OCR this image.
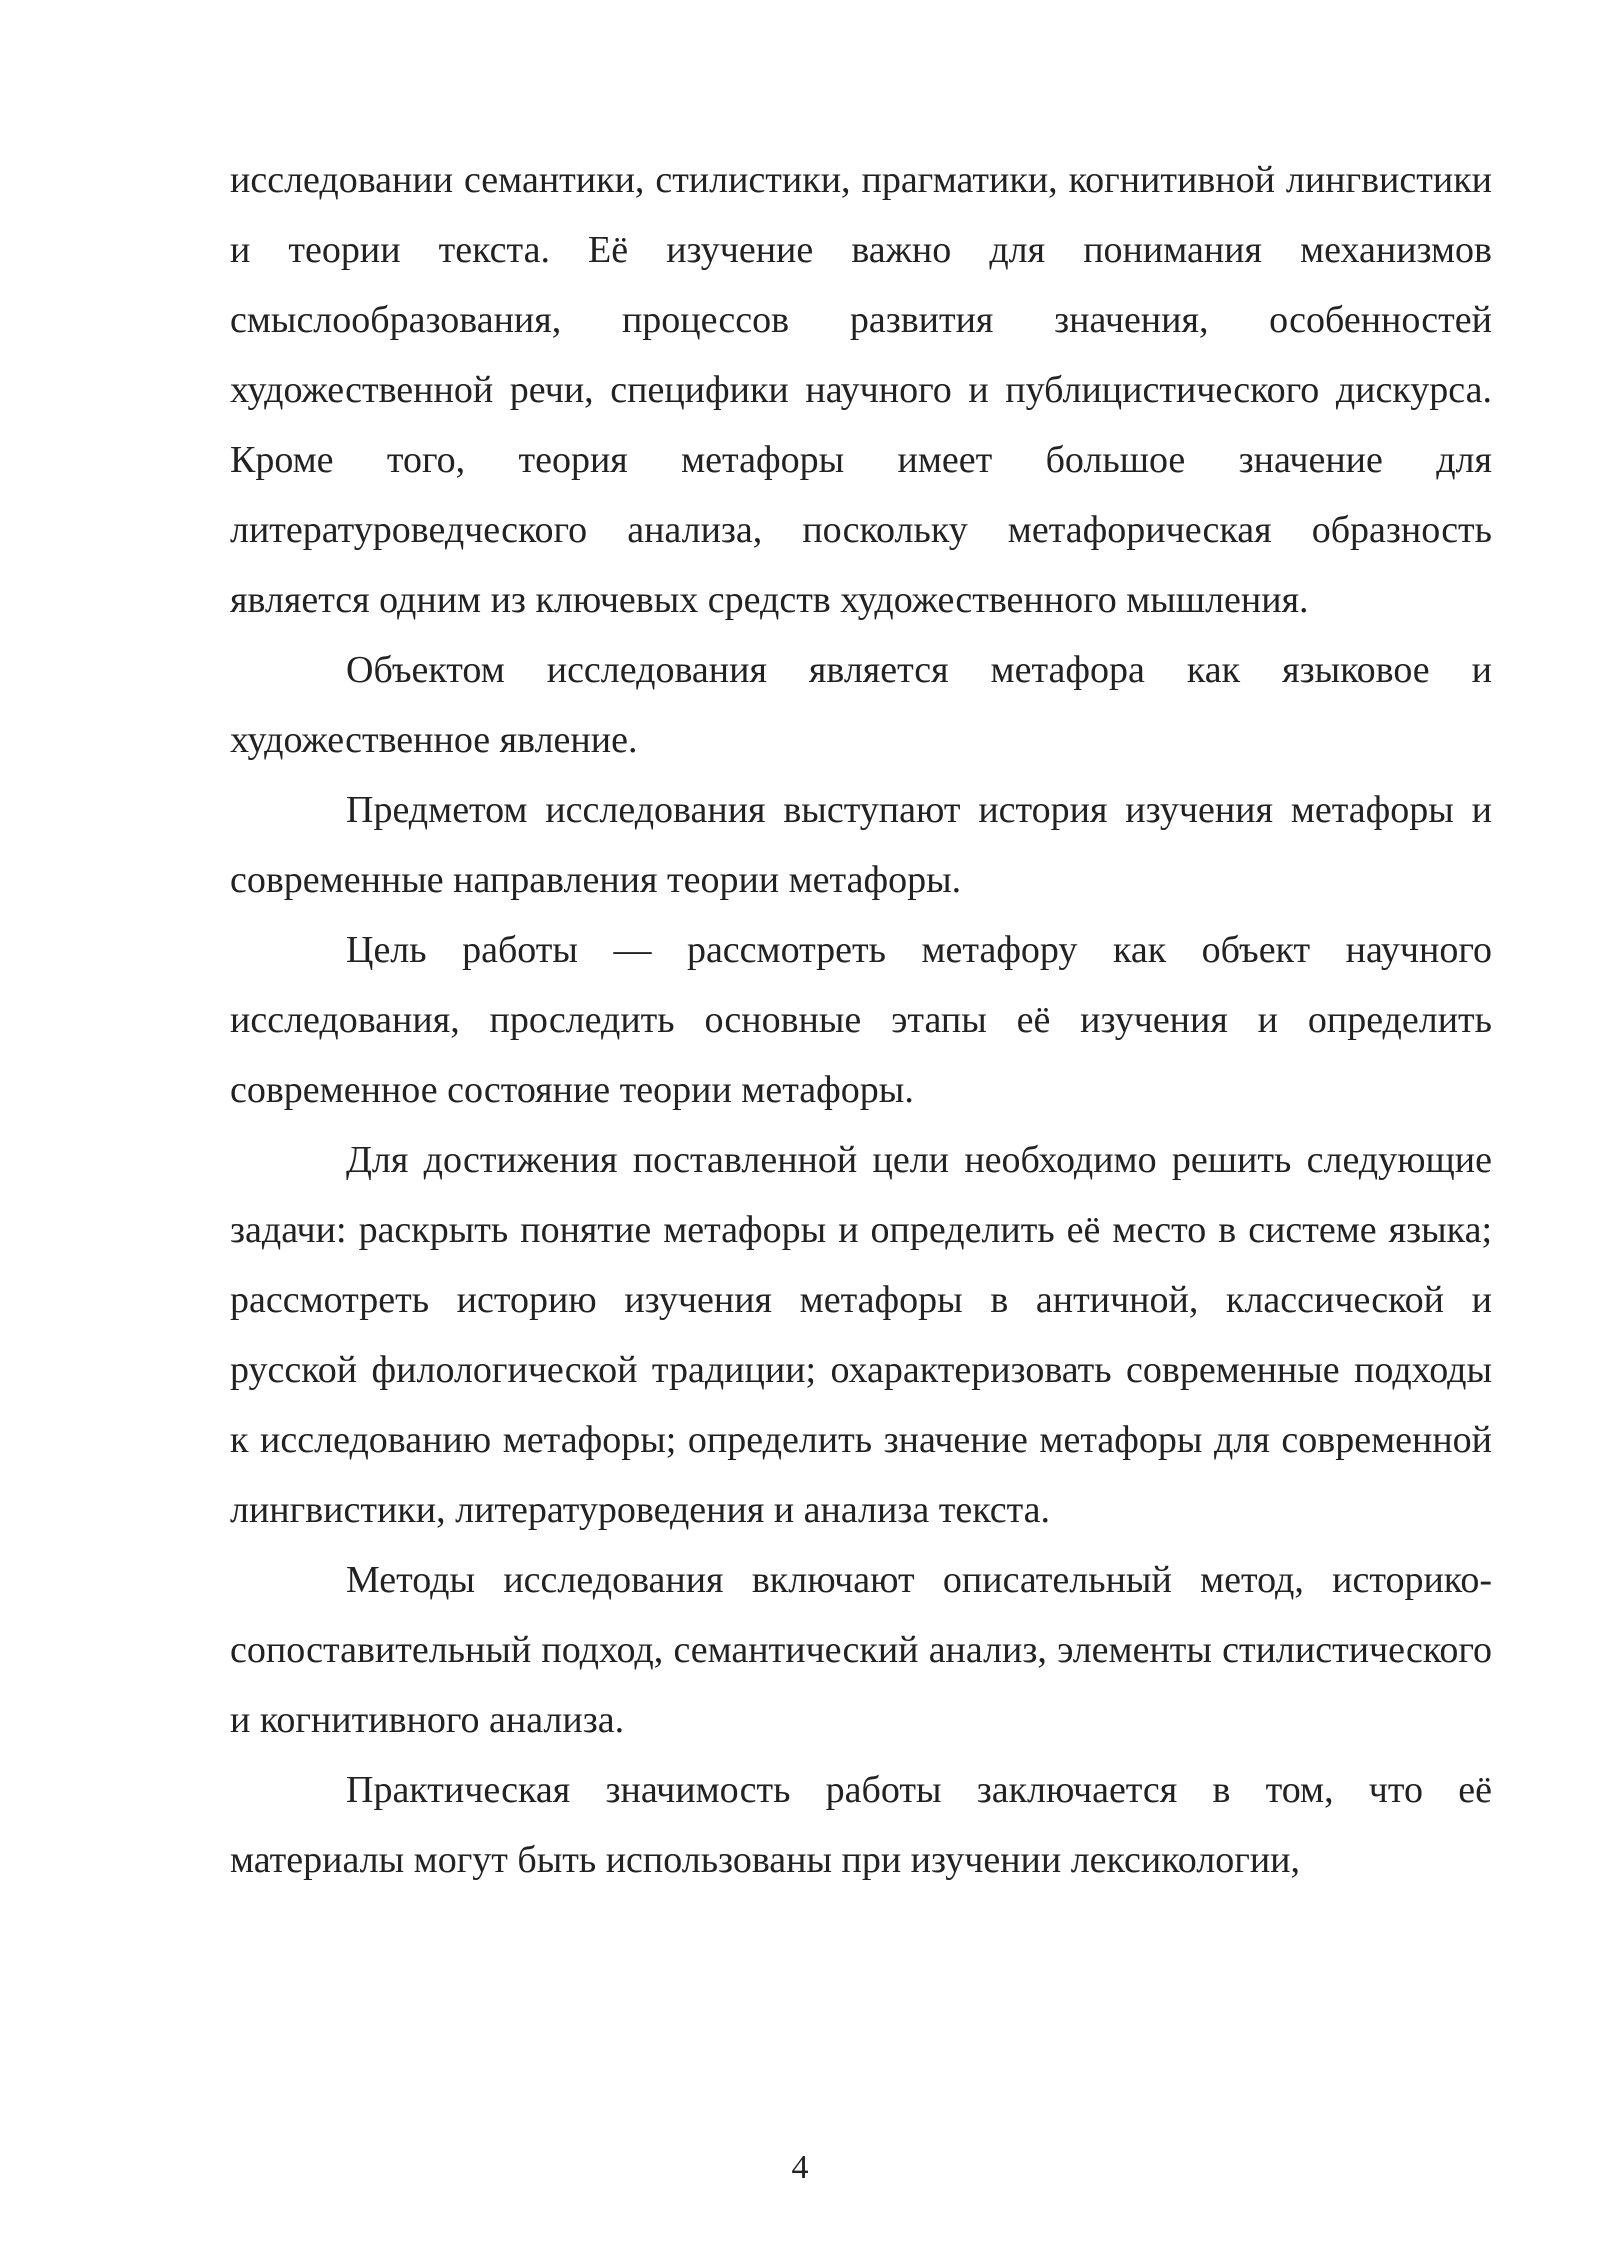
исследовании семантики, стилистики, прагматики, когнитивной лингвистики и теории текста. Её изучение важно для понимания механизмов смыслообразования, процессов развития значения, особенностей художественной речи, специфики научного и публицистического дискурса. Кроме того, теория метафоры имеет большое значение для литературоведческого анализа, поскольку метафорическая образность является одним из ключевых средств художественного мышления.

Объектом исследования является метафора как языковое и художественное явление.

Предметом исследования выступают история изучения метафоры и современные направления теории метафоры.

Цель работы — рассмотреть метафору как объект научного исследования, проследить основные этапы её изучения и определить современное состояние теории метафоры.

Для достижения поставленной цели необходимо решить следующие задачи: раскрыть понятие метафоры и определить её место в системе языка; рассмотреть историю изучения метафоры в античной, классической и русской филологической традиции; охарактеризовать современные подходы к исследованию метафоры; определить значение метафоры для современной лингвистики, литературоведения и анализа текста.

Методы исследования включают описательный метод, историко-сопоставительный подход, семантический анализ, элементы стилистического и когнитивного анализа.

Практическая значимость работы заключается в том, что её материалы могут быть использованы при изучении лексикологии,

4
